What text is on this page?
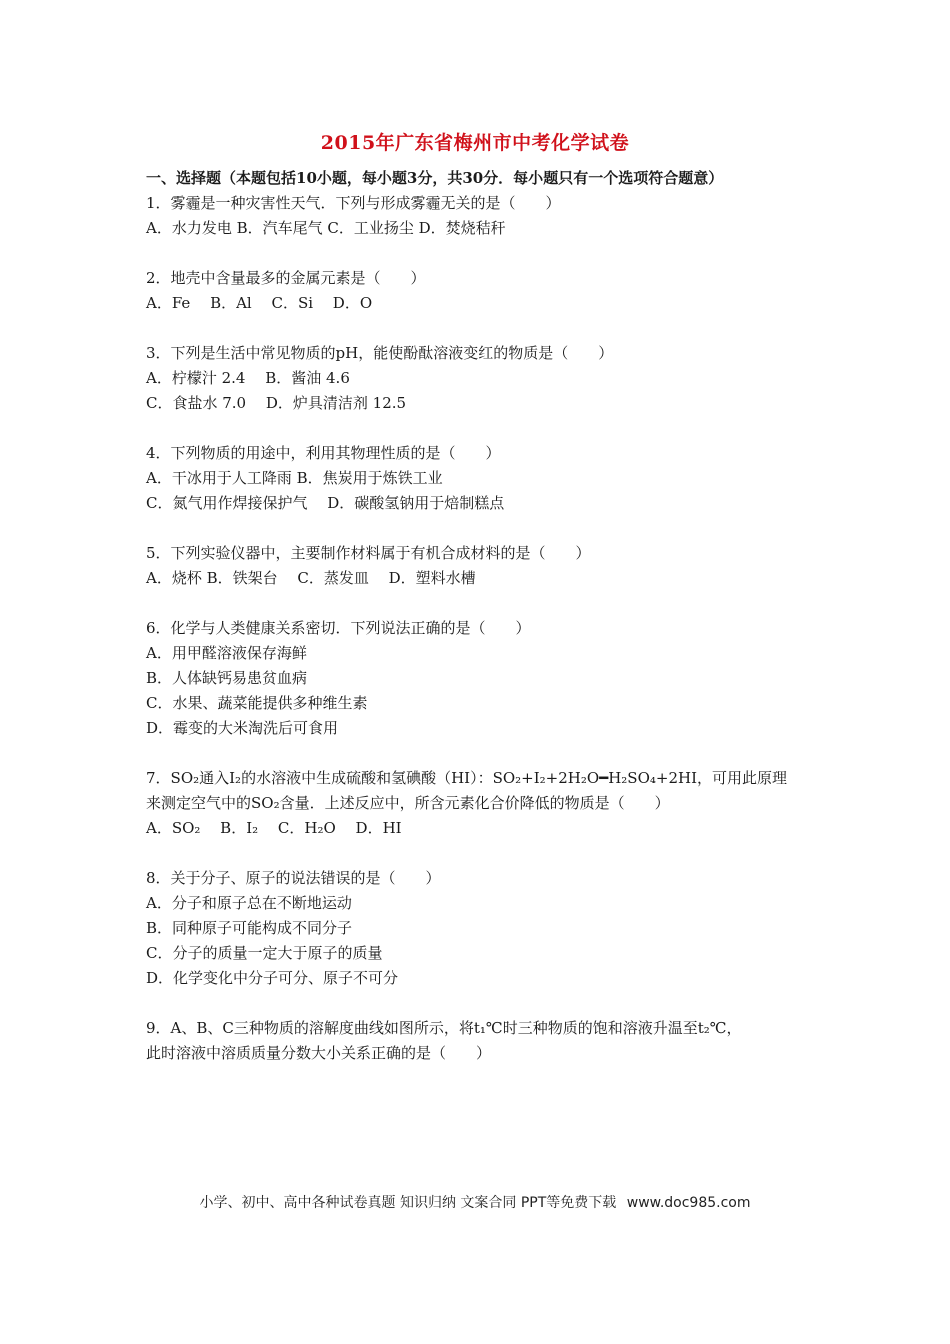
2015年广东省梅州市中考化学试卷
一、选择题（本题包括10小题，每小题3分，共30分．每小题只有一个选项符合题意）
1．雾霾是一种灾害性天气．下列与形成雾霾无关的是（　　）
A．水力发电 B．汽车尾气 C．工业扬尘 D．焚烧秸秆
2．地壳中含量最多的金属元素是（　　）
A．Fe　 B．Al　 C．Si　 D．O
3．下列是生活中常见物质的pH，能使酚酞溶液变红的物质是（　　）
A．柠檬汁 2.4　 B．酱油 4.6
C．食盐水 7.0　 D．炉具清洁剂 12.5
4．下列物质的用途中，利用其物理性质的是（　　）
A．干冰用于人工降雨 B．焦炭用于炼铁工业
C．氮气用作焊接保护气　 D．碳酸氢钠用于焙制糕点
5．下列实验仪器中，主要制作材料属于有机合成材料的是（　　）
A．烧杯 B．铁架台　 C．蒸发皿　 D．塑料水槽
6．化学与人类健康关系密切．下列说法正确的是（　　）
A．用甲醛溶液保存海鲜
B．人体缺钙易患贫血病
C．水果、蔬菜能提供多种维生素
D．霉变的大米淘洗后可食用
7．SO₂通入I₂的水溶液中生成硫酸和氢碘酸（HI）：SO₂+I₂+2H₂O━H₂SO₄+2HI，可用此原理
来测定空气中的SO₂含量．上述反应中，所含元素化合价降低的物质是（　　）
A．SO₂　 B．I₂　 C．H₂O　 D．HI
8．关于分子、原子的说法错误的是（　　）
A．分子和原子总在不断地运动
B．同种原子可能构成不同分子
C．分子的质量一定大于原子的质量
D．化学变化中分子可分、原子不可分
9．A、B、C三种物质的溶解度曲线如图所示，将t₁℃时三种物质的饱和溶液升温至t₂℃，
此时溶液中溶质质量分数大小关系正确的是（　　）
小学、初中、高中各种试卷真题 知识归纳 文案合同 PPT等免费下载 www.doc985.com
